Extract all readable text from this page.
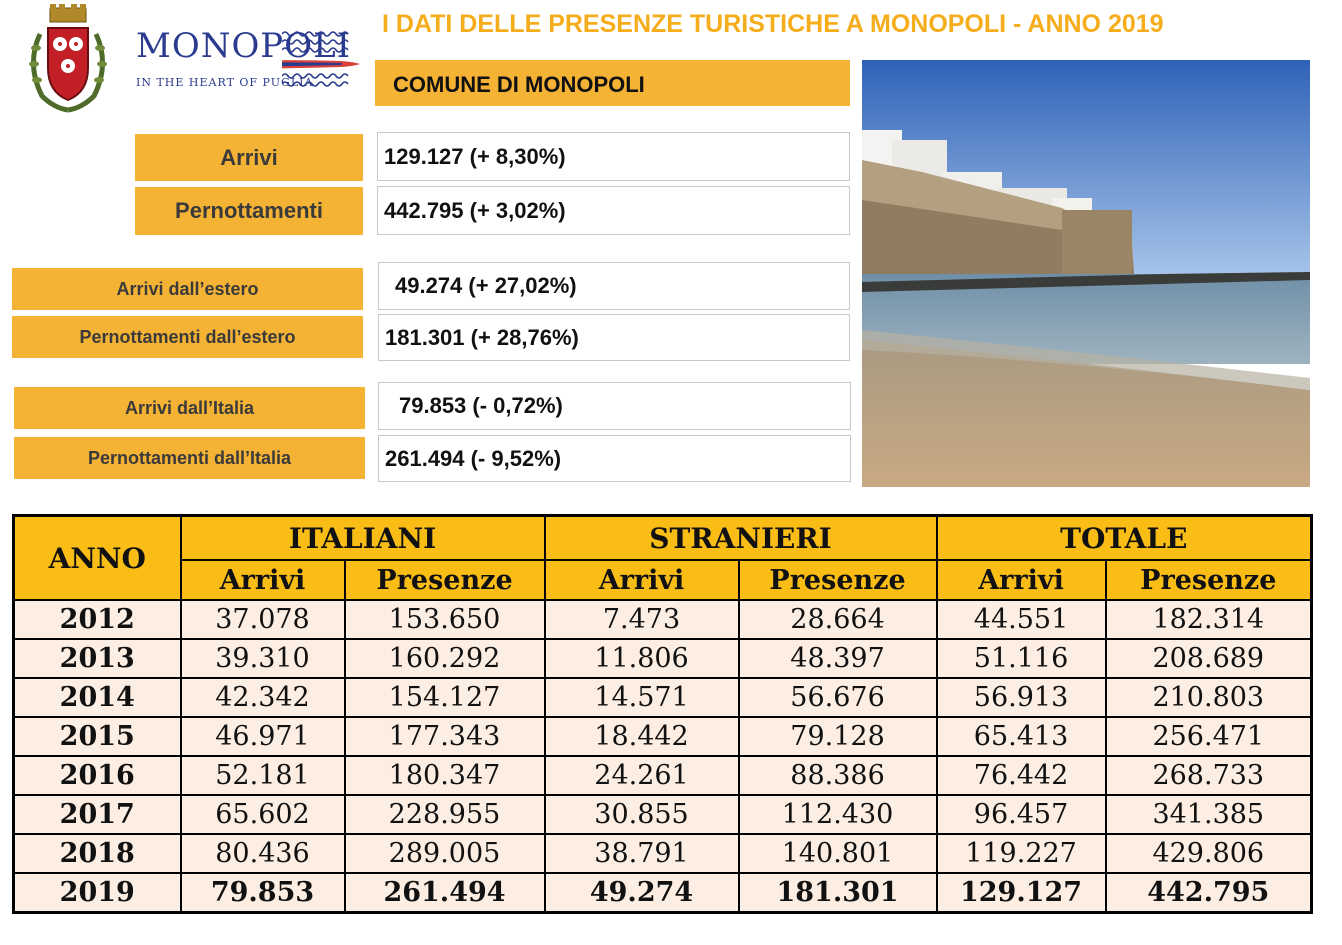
MONOPOLI
IN THE HEART OF PUGLIA
I DATI DELLE PRESENZE TURISTICHE A MONOPOLI - ANNO 2019
COMUNE DI MONOPOLI
Arrivi	129.127 (+ 8,30%)
Pernottamenti	442.795 (+ 3,02%)
Arrivi dall’estero	49.274 (+ 27,02%)
Pernottamenti dall’estero	181.301 (+ 28,76%)
Arrivi dall’Italia	79.853 (- 0,72%)
Pernottamenti dall’Italia	261.494 (- 9,52%)
ANNO	ITALIANI		STRANIERI		TOTALE	
	Arrivi	Presenze	Arrivi	Presenze	Arrivi	Presenze
2012	37.078	153.650	7.473	28.664	44.551	182.314
2013	39.310	160.292	11.806	48.397	51.116	208.689
2014	42.342	154.127	14.571	56.676	56.913	210.803
2015	46.971	177.343	18.442	79.128	65.413	256.471
2016	52.181	180.347	24.261	88.386	76.442	268.733
2017	65.602	228.955	30.855	112.430	96.457	341.385
2018	80.436	289.005	38.791	140.801	119.227	429.806
2019	79.853	261.494	49.274	181.301	129.127	442.795
